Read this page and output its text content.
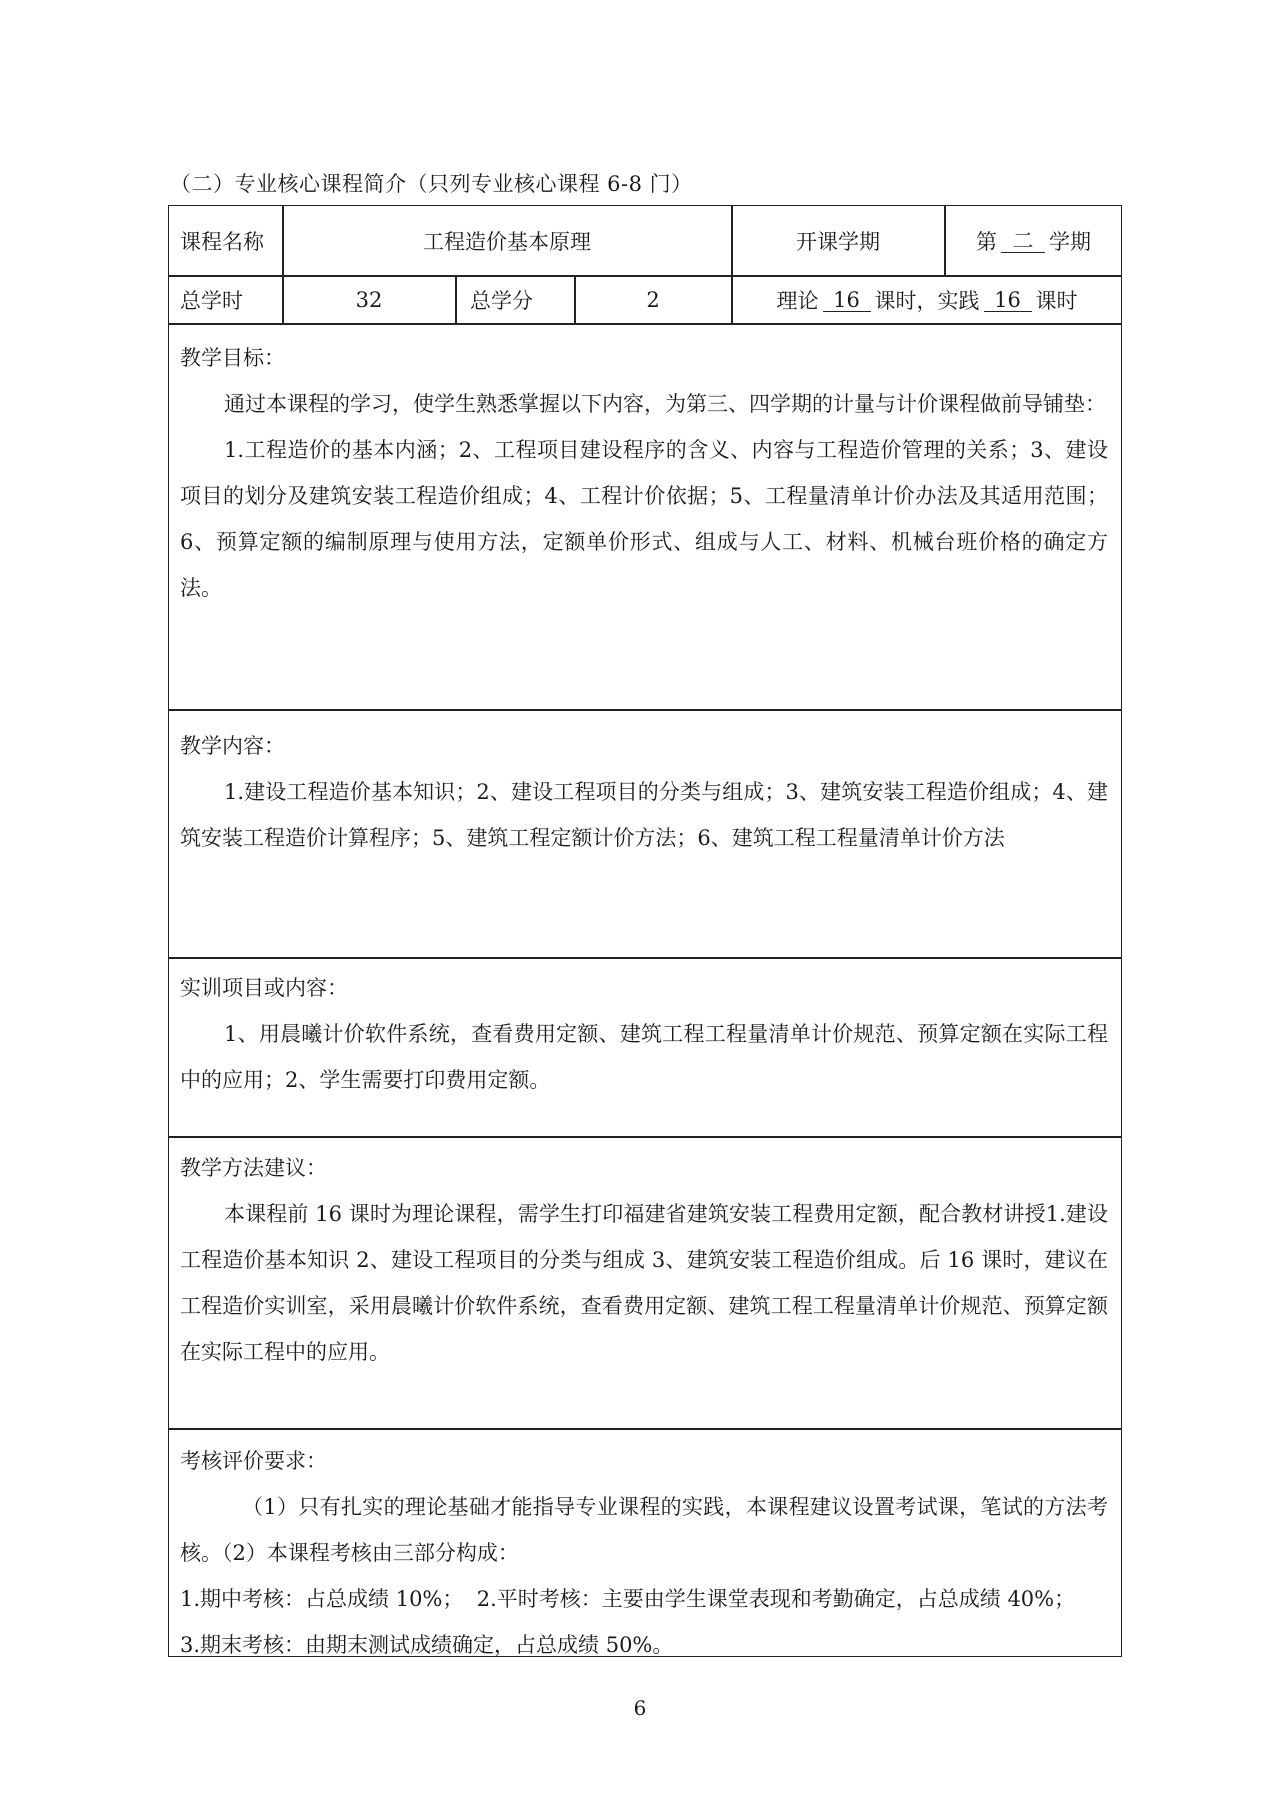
（二）专业核心课程简介（只列专业核心课程 6-8 门）
课程名称	工程造价基本原理	开课学期	第 二 学期
总学时	32	总学分	2	理论 16 课时，实践 16 课时
教学目标：

通过本课程的学习，使学生熟悉掌握以下内容，为第三、四学期的计量与计价课程做前导铺垫：

1.工程造价的基本内涵；2、工程项目建设程序的含义、内容与工程造价管理的关系；3、建设项目的划分及建筑安装工程造价组成；4、工程计价依据；5、工程量清单计价办法及其适用范围；6、预算定额的编制原理与使用方法，定额单价形式、组成与人工、材料、机械台班价格的确定方法。

教学内容：

1.建设工程造价基本知识；2、建设工程项目的分类与组成；3、建筑安装工程造价组成；4、建筑安装工程造价计算程序；5、建筑工程定额计价方法；6、建筑工程工程量清单计价方法

实训项目或内容：

1、用晨曦计价软件系统，查看费用定额、建筑工程工程量清单计价规范、预算定额在实际工程中的应用；2、学生需要打印费用定额。

教学方法建议：

本课程前 16 课时为理论课程，需学生打印福建省建筑安装工程费用定额，配合教材讲授1.建设工程造价基本知识 2、建设工程项目的分类与组成 3、建筑安装工程造价组成。后 16 课时，建议在工程造价实训室，采用晨曦计价软件系统，查看费用定额、建筑工程工程量清单计价规范、预算定额在实际工程中的应用。

考核评价要求：

（1）只有扎实的理论基础才能指导专业课程的实践，本课程建议设置考试课，笔试的方法考核。（2）本课程考核由三部分构成：

1.期中考核：占总成绩 10%；  2.平时考核：主要由学生课堂表现和考勤确定，占总成绩 40%；

3.期末考核：由期末测试成绩确定，占总成绩 50%。

6
